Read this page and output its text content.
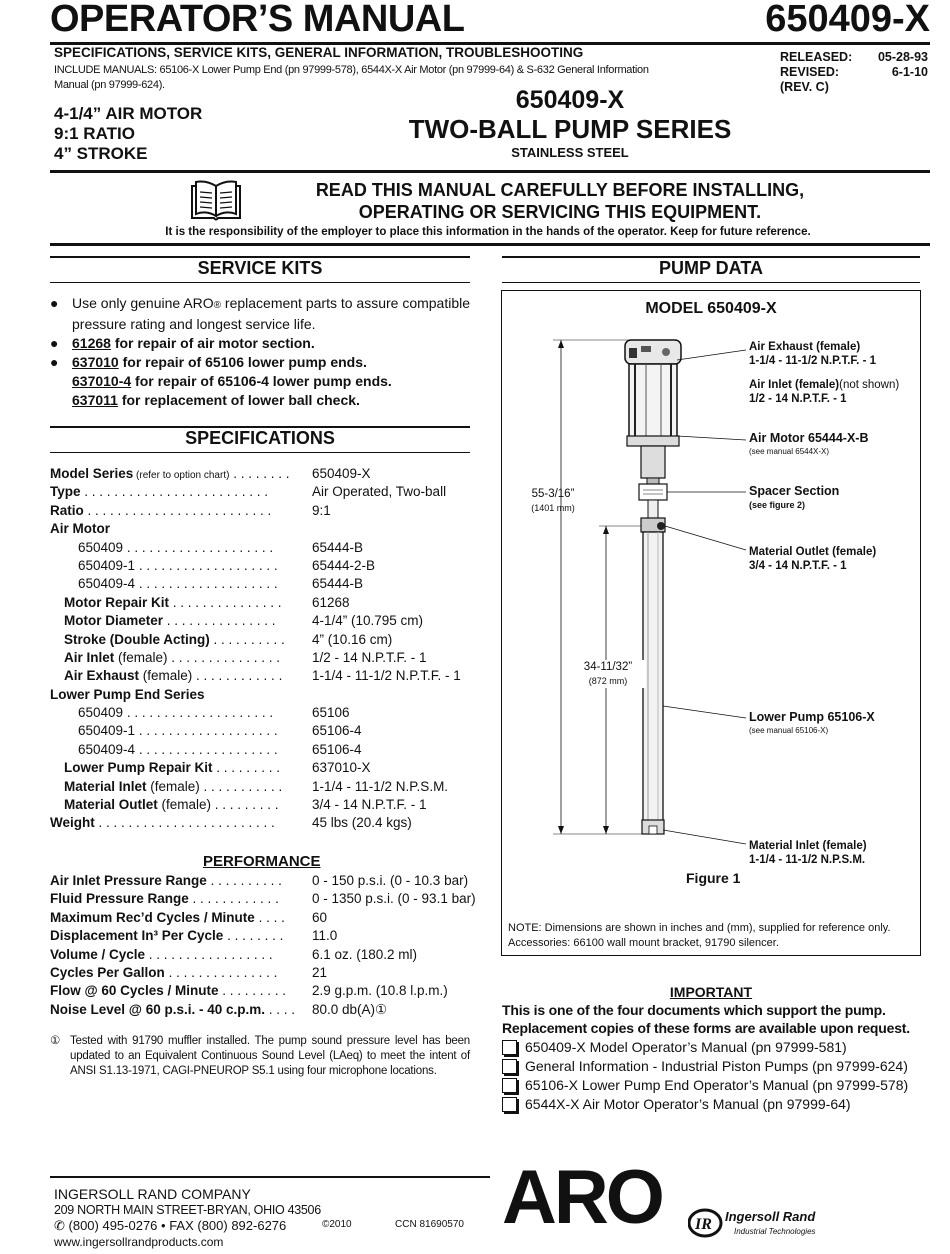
OPERATOR’S MANUAL	650409-X
SPECIFICATIONS, SERVICE KITS, GENERAL INFORMATION, TROUBLESHOOTING
INCLUDE MANUALS: 65106-X Lower Pump End (pn 97999-578), 6544X-X Air Motor (pn 97999-64) & S-632 General Information Manual (pn 97999-624).
RELEASED:	05-28-93
REVISED:	6-1-10
(REV. C)	
4-1/4” AIR MOTOR
9:1 RATIO
4” STROKE
650409-X
TWO-BALL PUMP SERIES
STAINLESS STEEL
READ THIS MANUAL CAREFULLY BEFORE INSTALLING,
OPERATING OR SERVICING THIS EQUIPMENT.
It is the responsibility of the employer to place this information in the hands of the operator. Keep for future reference.
SERVICE KITS
● Use only genuine ARO® replacement parts to assure compatible pressure rating and longest service life.
● 61268 for repair of air motor section.
● 637010 for repair of 65106 lower pump ends.
637010-4 for repair of 65106-4 lower pump ends.
637011 for replacement of lower ball check.
SPECIFICATIONS
Model Series (refer to option chart) . . . . . . . .	650409-X
Type . . . . . . . . . . . . . . . . . . . . . . . . .	Air Operated, Two-ball
Ratio . . . . . . . . . . . . . . . . . . . . . . . . .	9:1
Air Motor
650409 . . . . . . . . . . . . . . . . . . . .	65444-B
650409-1 . . . . . . . . . . . . . . . . . . .	65444-2-B
650409-4 . . . . . . . . . . . . . . . . . . .	65444-B
Motor Repair Kit . . . . . . . . . . . . . . .	61268
Motor Diameter . . . . . . . . . . . . . . .	4-1/4” (10.795 cm)
Stroke (Double Acting) . . . . . . . . . .	4” (10.16 cm)
Air Inlet (female) . . . . . . . . . . . . . . .	1/2 - 14 N.P.T.F. - 1
Air Exhaust (female) . . . . . . . . . . . .	1-1/4 - 11-1/2 N.P.T.F. - 1
Lower Pump End Series
650409 . . . . . . . . . . . . . . . . . . . .	65106
650409-1 . . . . . . . . . . . . . . . . . . .	65106-4
650409-4 . . . . . . . . . . . . . . . . . . .	65106-4
Lower Pump Repair Kit . . . . . . . . .	637010-X
Material Inlet (female) . . . . . . . . . . .	1-1/4 - 11-1/2 N.P.S.M.
Material Outlet (female) . . . . . . . . .	3/4 - 14 N.P.T.F. - 1
Weight . . . . . . . . . . . . . . . . . . . . . . . .	45 lbs (20.4 kgs)
PERFORMANCE
Air Inlet Pressure Range . . . . . . . . . .	0 - 150 p.s.i. (0 - 10.3 bar)
Fluid Pressure Range . . . . . . . . . . . .	0 - 1350 p.s.i. (0 - 93.1 bar)
Maximum Rec’d Cycles / Minute . . . .	60
Displacement In³ Per Cycle . . . . . . . .	11.0
Volume / Cycle . . . . . . . . . . . . . . . . .	6.1 oz. (180.2 ml)
Cycles Per Gallon . . . . . . . . . . . . . . .	21
Flow @ 60 Cycles / Minute . . . . . . . . .	2.9 g.p.m. (10.8 l.p.m.)
Noise Level @ 60 p.s.i. - 40 c.p.m. . . . .	80.0 db(A)①
① Tested with 91790 muffler installed. The pump sound pressure level has been updated to an Equivalent Continuous Sound Level (LAeq) to meet the intent of ANSI S1.13-1971, CAGI-PNEUROP S5.1 using four microphone locations.
PUMP DATA
MODEL 650409-X
55-3/16”
(1401 mm)
34-11/32”
(872 mm)
Air Exhaust (female)
1-1/4 - 11-1/2 N.P.T.F. - 1
Air Inlet (female)(not shown)
1/2 - 14 N.P.T.F. - 1
Air Motor 65444-X-B
(see manual 6544X-X)
Spacer Section
(see figure 2)
Material Outlet (female)
3/4 - 14 N.P.T.F. - 1
Lower Pump 65106-X
(see manual 65106-X)
Material Inlet (female)
1-1/4 - 11-1/2 N.P.S.M.
Figure 1
NOTE: Dimensions are shown in inches and (mm), supplied for reference only.
Accessories: 66100 wall mount bracket, 91790 silencer.
IMPORTANT
This is one of the four documents which support the pump. Replacement copies of these forms are available upon request.
650409-X Model Operator’s Manual (pn 97999-581)
General Information - Industrial Piston Pumps (pn 97999-624)
65106-X Lower Pump End Operator’s Manual (pn 97999-578)
6544X-X Air Motor Operator’s Manual (pn 97999-64)
INGERSOLL RAND COMPANY
209 NORTH MAIN STREET-BRYAN, OHIO 43506
✆ (800) 495-0276 • FAX (800) 892-6276
www.ingersollrandproducts.com
©2010	CCN 81690570 ARO IR Ingersoll Rand
Industrial Technologies
